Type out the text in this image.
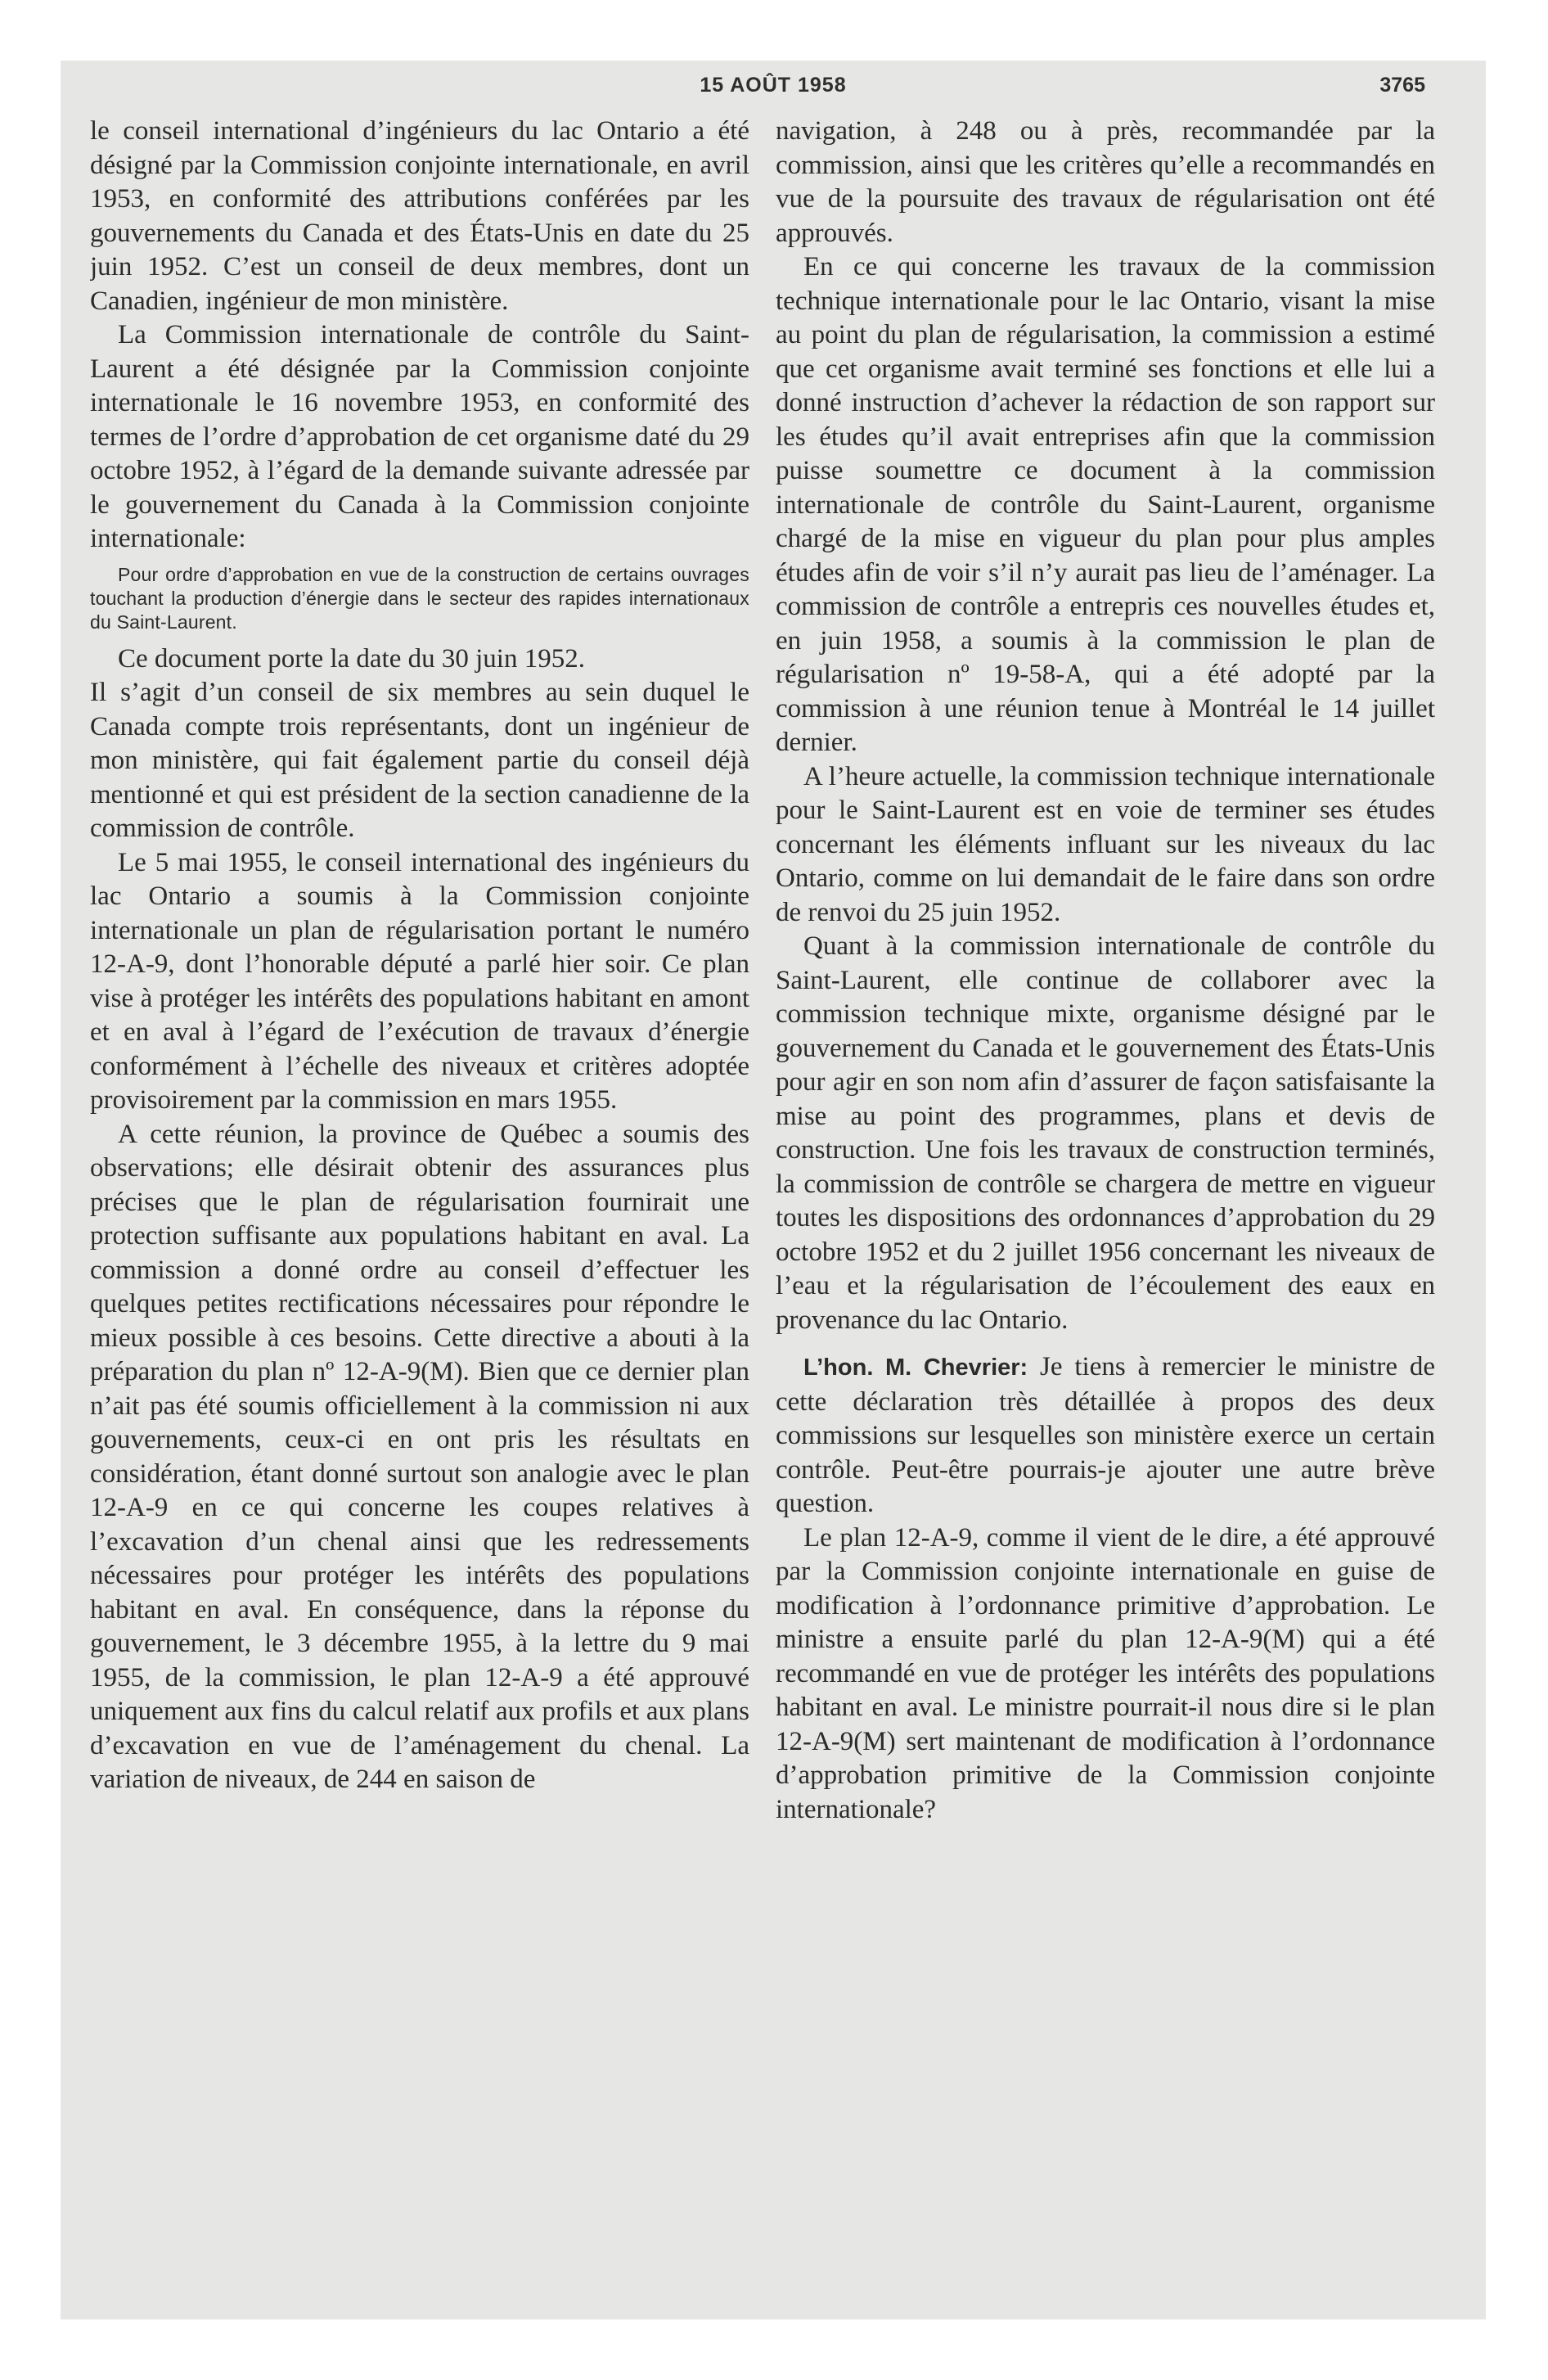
15 AOÛT 1958	3765

le conseil international d’ingénieurs du lac Ontario a été désigné par la Commission conjointe internationale, en avril 1953, en conformité des attributions conférées par les gouvernements du Canada et des États-Unis en date du 25 juin 1952. C’est un conseil de deux membres, dont un Canadien, ingénieur de mon ministère.

La Commission internationale de contrôle du Saint-Laurent a été désignée par la Commission conjointe internationale le 16 novembre 1953, en conformité des termes de l’ordre d’approbation de cet organisme daté du 29 octobre 1952, à l’égard de la demande suivante adressée par le gouvernement du Canada à la Commission conjointe internationale:

Pour ordre d’approbation en vue de la construction de certains ouvrages touchant la production d’énergie dans le secteur des rapides internationaux du Saint-Laurent.

Ce document porte la date du 30 juin 1952.

Il s’agit d’un conseil de six membres au sein duquel le Canada compte trois représentants, dont un ingénieur de mon ministère, qui fait également partie du conseil déjà mentionné et qui est président de la section canadienne de la commission de contrôle.

Le 5 mai 1955, le conseil international des ingénieurs du lac Ontario a soumis à la Commission conjointe internationale un plan de régularisation portant le numéro 12-A-9, dont l’honorable député a parlé hier soir. Ce plan vise à protéger les intérêts des populations habitant en amont et en aval à l’égard de l’exécution de travaux d’énergie conformément à l’échelle des niveaux et critères adoptée provisoirement par la commission en mars 1955.

A cette réunion, la province de Québec a soumis des observations; elle désirait obtenir des assurances plus précises que le plan de régularisation fournirait une protection suffisante aux populations habitant en aval. La commission a donné ordre au conseil d’effectuer les quelques petites rectifications nécessaires pour répondre le mieux possible à ces besoins. Cette directive a abouti à la préparation du plan nº 12-A-9(M). Bien que ce dernier plan n’ait pas été soumis officiellement à la commission ni aux gouvernements, ceux-ci en ont pris les résultats en considération, étant donné surtout son analogie avec le plan 12-A-9 en ce qui concerne les coupes relatives à l’excavation d’un chenal ainsi que les redressements nécessaires pour protéger les intérêts des populations habitant en aval. En conséquence, dans la réponse du gouvernement, le 3 décembre 1955, à la lettre du 9 mai 1955, de la commission, le plan 12-A-9 a été approuvé uniquement aux fins du calcul relatif aux profils et aux plans d’excavation en vue de l’aménagement du chenal. La variation de niveaux, de 244 en saison de

navigation, à 248 ou à près, recommandée par la commission, ainsi que les critères qu’elle a recommandés en vue de la poursuite des travaux de régularisation ont été approuvés.

En ce qui concerne les travaux de la commission technique internationale pour le lac Ontario, visant la mise au point du plan de régularisation, la commission a estimé que cet organisme avait terminé ses fonctions et elle lui a donné instruction d’achever la rédaction de son rapport sur les études qu’il avait entreprises afin que la commission puisse soumettre ce document à la commission internationale de contrôle du Saint-Laurent, organisme chargé de la mise en vigueur du plan pour plus amples études afin de voir s’il n’y aurait pas lieu de l’aménager. La commission de contrôle a entrepris ces nouvelles études et, en juin 1958, a soumis à la commission le plan de régularisation nº 19-58-A, qui a été adopté par la commission à une réunion tenue à Montréal le 14 juillet dernier.

A l’heure actuelle, la commission technique internationale pour le Saint-Laurent est en voie de terminer ses études concernant les éléments influant sur les niveaux du lac Ontario, comme on lui demandait de le faire dans son ordre de renvoi du 25 juin 1952.

Quant à la commission internationale de contrôle du Saint-Laurent, elle continue de collaborer avec la commission technique mixte, organisme désigné par le gouvernement du Canada et le gouvernement des États-Unis pour agir en son nom afin d’assurer de façon satisfaisante la mise au point des programmes, plans et devis de construction. Une fois les travaux de construction terminés, la commission de contrôle se chargera de mettre en vigueur toutes les dispositions des ordonnances d’approbation du 29 octobre 1952 et du 2 juillet 1956 concernant les niveaux de l’eau et la régularisation de l’écoulement des eaux en provenance du lac Ontario.

L’hon. M. Chevrier: Je tiens à remercier le ministre de cette déclaration très détaillée à propos des deux commissions sur lesquelles son ministère exerce un certain contrôle. Peut-être pourrais-je ajouter une autre brève question.

Le plan 12-A-9, comme il vient de le dire, a été approuvé par la Commission conjointe internationale en guise de modification à l’ordonnance primitive d’approbation. Le ministre a ensuite parlé du plan 12-A-9(M) qui a été recommandé en vue de protéger les intérêts des populations habitant en aval. Le ministre pourrait-il nous dire si le plan 12-A-9(M) sert maintenant de modification à l’ordonnance d’approbation primitive de la Commission conjointe internationale?
